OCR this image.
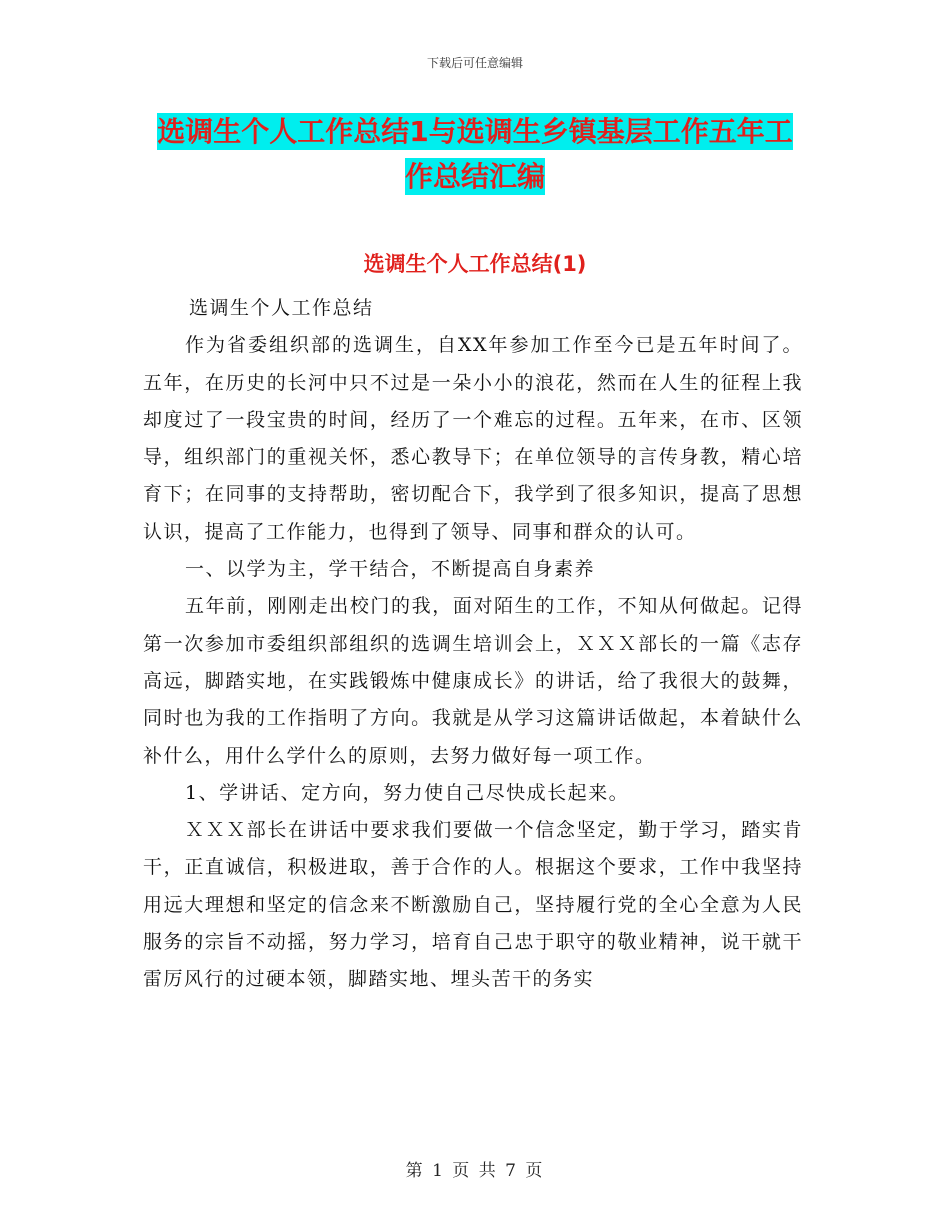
下载后可任意编辑
选调生个人工作总结1与选调生乡镇基层工作五年工
作总结汇编
选调生个人工作总结(1)

选调生个人工作总结

作为省委组织部的选调生，自XX年参加工作至今已是五年时间了。五年，在历史的长河中只不过是一朵小小的浪花，然而在人生的征程上我却度过了一段宝贵的时间，经历了一个难忘的过程。五年来，在市、区领导，组织部门的重视关怀，悉心教导下；在单位领导的言传身教，精心培育下；在同事的支持帮助，密切配合下，我学到了很多知识，提高了思想认识，提高了工作能力，也得到了领导、同事和群众的认可。

一、以学为主，学干结合，不断提高自身素养

五年前，刚刚走出校门的我，面对陌生的工作，不知从何做起。记得第一次参加市委组织部组织的选调生培训会上，ＸＸＸ部长的一篇《志存高远，脚踏实地，在实践锻炼中健康成长》的讲话，给了我很大的鼓舞，同时也为我的工作指明了方向。我就是从学习这篇讲话做起，本着缺什么补什么，用什么学什么的原则，去努力做好每一项工作。

1、学讲话、定方向，努力使自己尽快成长起来。

ＸＸＸ部长在讲话中要求我们要做一个信念坚定，勤于学习，踏实肯干，正直诚信，积极进取，善于合作的人。根据这个要求，工作中我坚持用远大理想和坚定的信念来不断激励自己，坚持履行党的全心全意为人民服务的宗旨不动摇，努力学习，培育自己忠于职守的敬业精神，说干就干雷厉风行的过硬本领，脚踏实地、埋头苦干的务实

第 1 页 共 7 页
